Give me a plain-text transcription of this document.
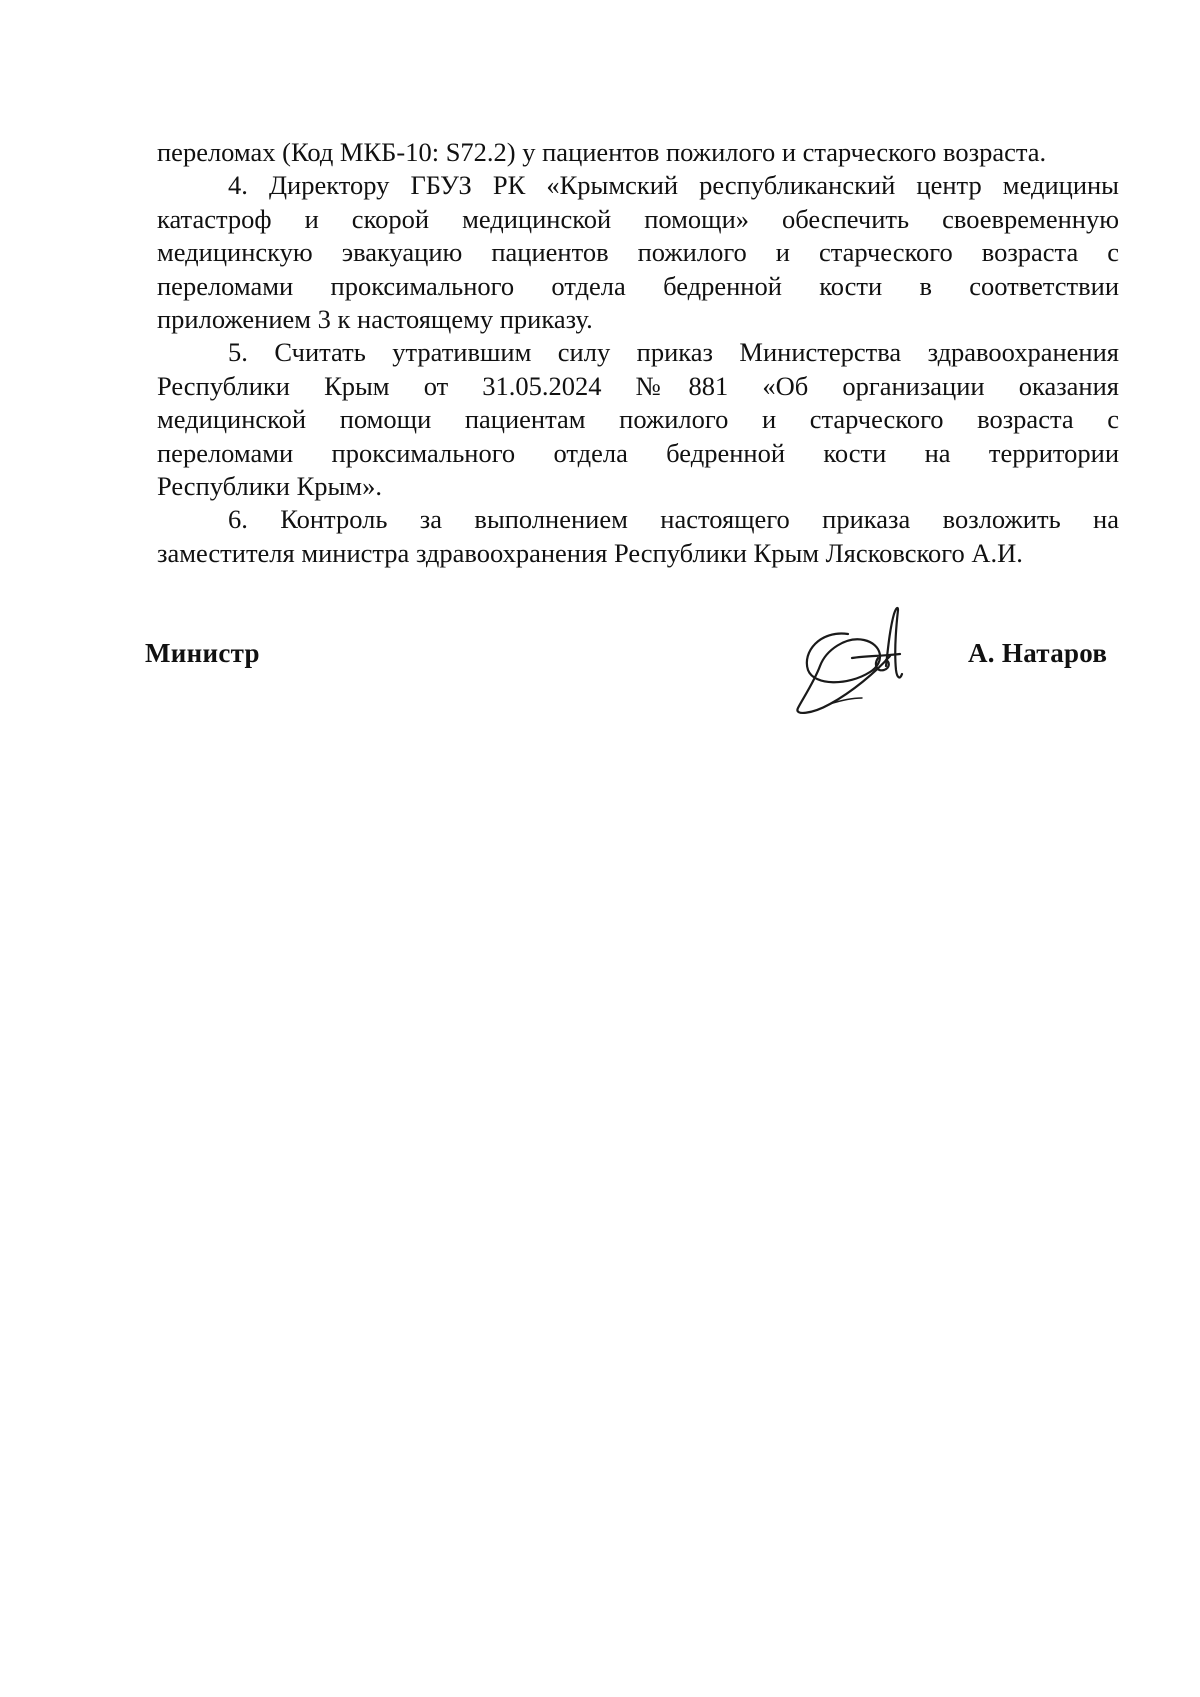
переломах (Код МКБ-10: S72.2) у пациентов пожилого и старческого возраста.

4. Директору ГБУЗ РК «Крымский республиканский центр медицины
катастроф и скорой медицинской помощи» обеспечить своевременную
медицинскую эвакуацию пациентов пожилого и старческого возраста с
переломами проксимального отдела бедренной кости в соответствии
приложением 3 к настоящему приказу.

5. Считать утратившим силу приказ Министерства здравоохранения
Республики Крым от 31.05.2024 №881 «Об организации оказания
медицинской помощи пациентам пожилого и старческого возраста с
переломами проксимального отдела бедренной кости на территории
Республики Крым».

6. Контроль за выполнением настоящего приказа возложить на
заместителя министра здравоохранения Республики Крым Лясковского А.И.

Министр	А. Натаров
